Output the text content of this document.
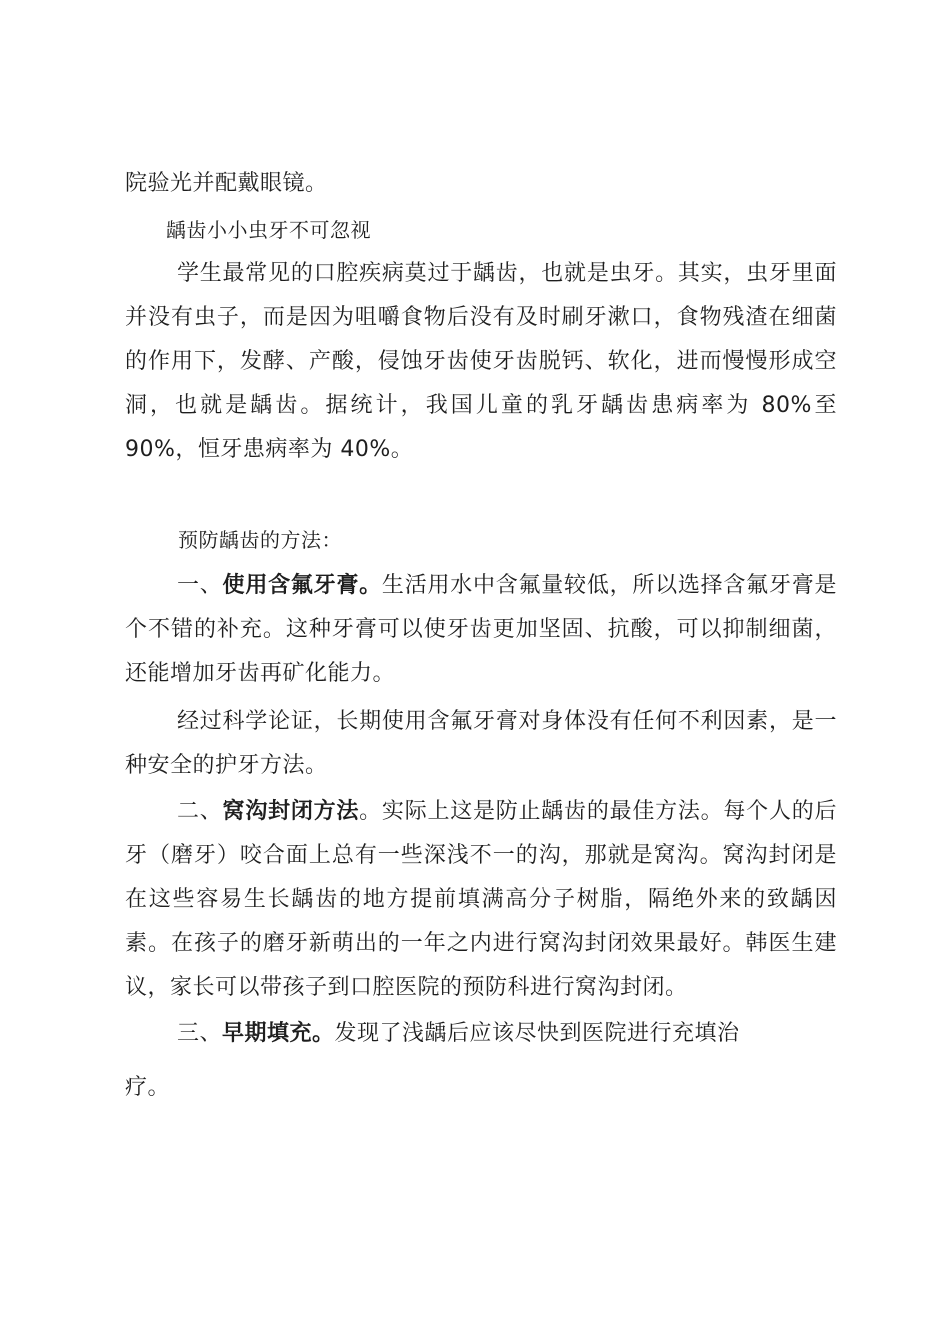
院验光并配戴眼镜。

龋齿小小虫牙不可忽视

学生最常见的口腔疾病莫过于龋齿，也就是虫牙。其实，虫牙里面并没有虫子，而是因为咀嚼食物后没有及时刷牙漱口，食物残渣在细菌的作用下，发酵、产酸，侵蚀牙齿使牙齿脱钙、软化，进而慢慢形成空洞，也就是龋齿。据统计，我国儿童的乳牙龋齿患病率为 80%至 90%，恒牙患病率为 40%。

预防龋齿的方法：

一、使用含氟牙膏。生活用水中含氟量较低，所以选择含氟牙膏是个不错的补充。这种牙膏可以使牙齿更加坚固、抗酸，可以抑制细菌，还能增加牙齿再矿化能力。

经过科学论证，长期使用含氟牙膏对身体没有任何不利因素，是一种安全的护牙方法。

二、窝沟封闭方法。实际上这是防止龋齿的最佳方法。每个人的后牙（磨牙）咬合面上总有一些深浅不一的沟，那就是窝沟。窝沟封闭是在这些容易生长龋齿的地方提前填满高分子树脂，隔绝外来的致龋因素。在孩子的磨牙新萌出的一年之内进行窝沟封闭效果最好。韩医生建议，家长可以带孩子到口腔医院的预防科进行窝沟封闭。

三、早期填充。发现了浅龋后应该尽快到医院进行充填治

疗。
